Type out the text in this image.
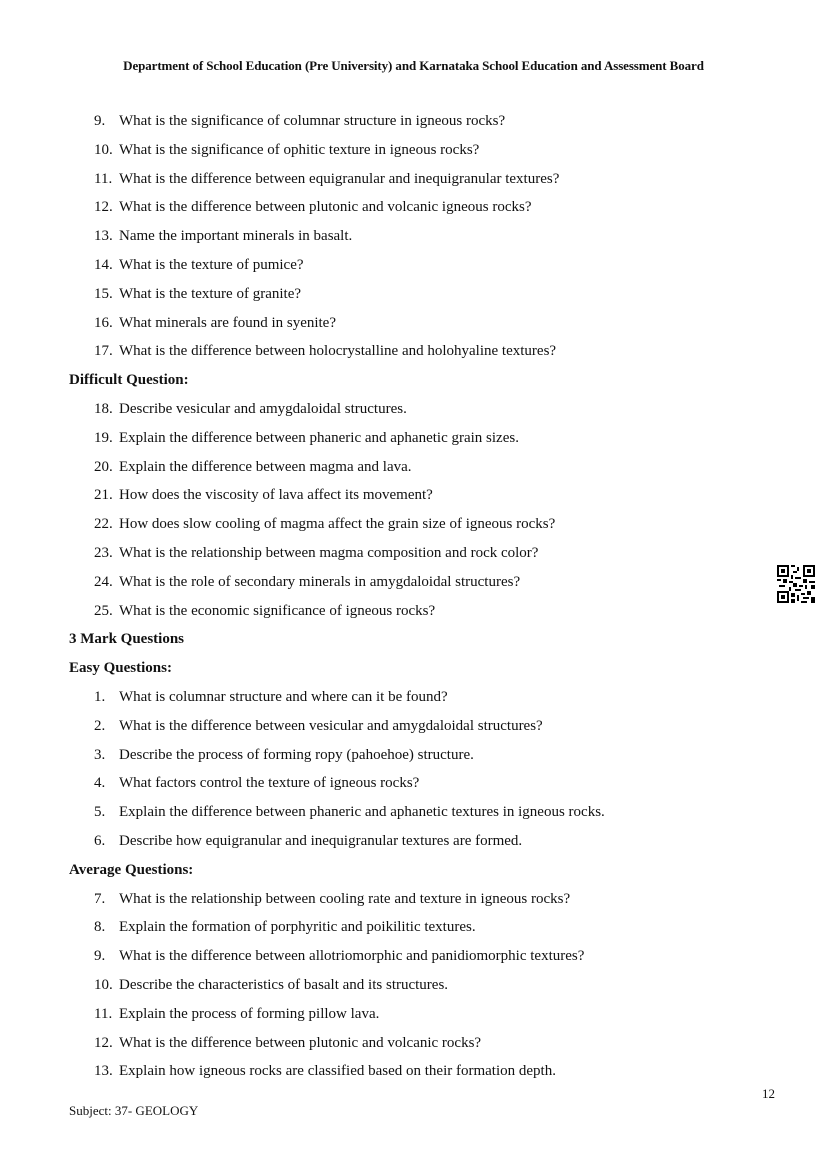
Department of School Education (Pre University) and Karnataka School Education and Assessment Board
9. What is the significance of columnar structure in igneous rocks?
10. What is the significance of ophitic texture in igneous rocks?
11. What is the difference between equigranular and inequigranular textures?
12. What is the difference between plutonic and volcanic igneous rocks?
13. Name the important minerals in basalt.
14. What is the texture of pumice?
15. What is the texture of granite?
16. What minerals are found in syenite?
17. What is the difference between holocrystalline and holohyaline textures?
Difficult Question:
18. Describe vesicular and amygdaloidal structures.
19. Explain the difference between phaneric and aphanetic grain sizes.
20. Explain the difference between magma and lava.
21. How does the viscosity of lava affect its movement?
22. How does slow cooling of magma affect the grain size of igneous rocks?
23. What is the relationship between magma composition and rock color?
24. What is the role of secondary minerals in amygdaloidal structures?
25. What is the economic significance of igneous rocks?
3 Mark Questions
Easy Questions:
1. What is columnar structure and where can it be found?
2. What is the difference between vesicular and amygdaloidal structures?
3. Describe the process of forming ropy (pahoehoe) structure.
4. What factors control the texture of igneous rocks?
5. Explain the difference between phaneric and aphanetic textures in igneous rocks.
6. Describe how equigranular and inequigranular textures are formed.
Average Questions:
7. What is the relationship between cooling rate and texture in igneous rocks?
8. Explain the formation of porphyritic and poikilitic textures.
9. What is the difference between allotriomorphic and panidiomorphic textures?
10. Describe the characteristics of basalt and its structures.
11. Explain the process of forming pillow lava.
12. What is the difference between plutonic and volcanic rocks?
13. Explain how igneous rocks are classified based on their formation depth.
12
Subject: 37- GEOLOGY
